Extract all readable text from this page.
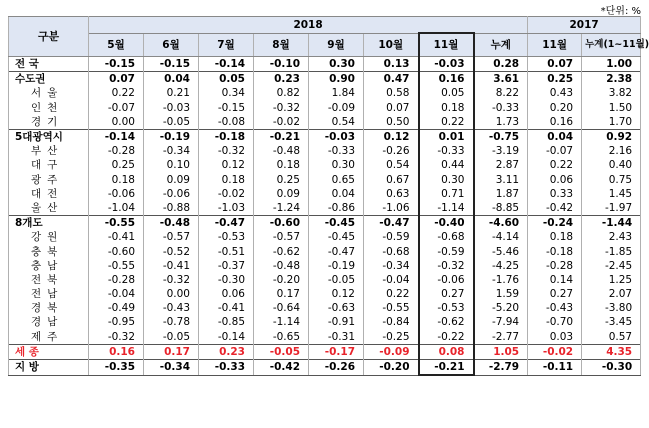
*단위: %
구분	2018								2017	
	5월	6월	7월	8월	9월	10월	11월	누계	11월	누계(1~11월)
전 국	-0.15	-0.15	-0.14	-0.10	0.30	0.13	-0.03	0.28	0.07	1.00
수도권	0.07	0.04	0.05	0.23	0.90	0.47	0.16	3.61	0.25	2.38
서울	0.22	0.21	0.34	0.82	1.84	0.58	0.05	8.22	0.43	3.82
인천	-0.07	-0.03	-0.15	-0.32	-0.09	0.07	0.18	-0.33	0.20	1.50
경기	0.00	-0.05	-0.08	-0.02	0.54	0.50	0.22	1.73	0.16	1.70
5대광역시	-0.14	-0.19	-0.18	-0.21	-0.03	0.12	0.01	-0.75	0.04	0.92
부산	-0.28	-0.34	-0.32	-0.48	-0.33	-0.26	-0.33	-3.19	-0.07	2.16
대구	0.25	0.10	0.12	0.18	0.30	0.54	0.44	2.87	0.22	0.40
광주	0.18	0.09	0.18	0.25	0.65	0.67	0.30	3.11	0.06	0.75
대전	-0.06	-0.06	-0.02	0.09	0.04	0.63	0.71	1.87	0.33	1.45
울산	-1.04	-0.88	-1.03	-1.24	-0.86	-1.06	-1.14	-8.85	-0.42	-1.97
8개도	-0.55	-0.48	-0.47	-0.60	-0.45	-0.47	-0.40	-4.60	-0.24	-1.44
강원	-0.41	-0.57	-0.53	-0.57	-0.45	-0.59	-0.68	-4.14	0.18	2.43
충북	-0.60	-0.52	-0.51	-0.62	-0.47	-0.68	-0.59	-5.46	-0.18	-1.85
충남	-0.55	-0.41	-0.37	-0.48	-0.19	-0.34	-0.32	-4.25	-0.28	-2.45
전북	-0.28	-0.32	-0.30	-0.20	-0.05	-0.04	-0.06	-1.76	0.14	1.25
전남	-0.04	0.00	0.06	0.17	0.12	0.22	0.27	1.59	0.27	2.07
경북	-0.49	-0.43	-0.41	-0.64	-0.63	-0.55	-0.53	-5.20	-0.43	-3.80
경남	-0.95	-0.78	-0.85	-1.14	-0.91	-0.84	-0.62	-7.94	-0.70	-3.45
제주	-0.32	-0.05	-0.14	-0.65	-0.31	-0.25	-0.22	-2.77	0.03	0.57
세 종	0.16	0.17	0.23	-0.05	-0.17	-0.09	0.08	1.05	-0.02	4.35
지 방	-0.35	-0.34	-0.33	-0.42	-0.26	-0.20	-0.21	-2.79	-0.11	-0.30
